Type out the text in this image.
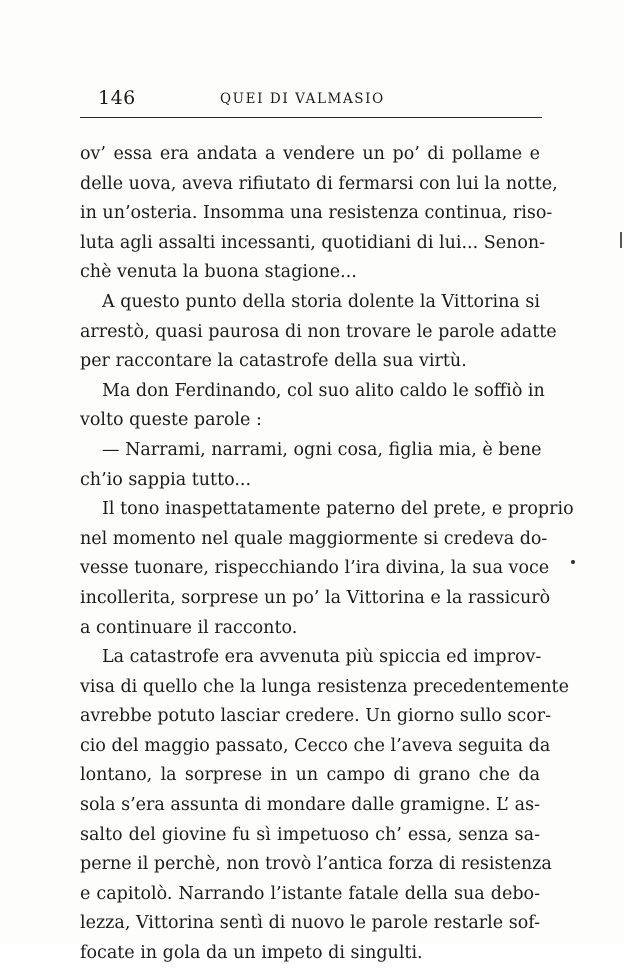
146	QUEI DI VALMASIO
ov’ essa era andata a vendere un po’ di pollame e
delle uova, aveva rifiutato di fermarsi con lui la notte,
in un’osteria. Insomma una resistenza continua, riso-
luta agli assalti incessanti, quotidiani di lui... Senon-
chè venuta la buona stagione...
A questo punto della storia dolente la Vittorina si
arrestò, quasi paurosa di non trovare le parole adatte
per raccontare la catastrofe della sua virtù.
Ma don Ferdinando, col suo alito caldo le soffiò in
volto queste parole :
— Narrami, narrami, ogni cosa, figlia mia, è bene
ch’io sappia tutto...
Il tono inaspettatamente paterno del prete, e proprio
nel momento nel quale maggiormente si credeva do-
vesse tuonare, rispecchiando l’ira divina, la sua voce
incollerita, sorprese un po’ la Vittorina e la rassicurò
a continuare il racconto.
La catastrofe era avvenuta più spiccia ed improv-
visa di quello che la lunga resistenza precedentemente
avrebbe potuto lasciar credere. Un giorno sullo scor-
cio del maggio passato, Cecco che l’aveva seguita da
lontano, la sorprese in un campo di grano che da
sola s’era assunta di mondare dalle gramigne. L’ as-
salto del giovine fu sì impetuoso ch’ essa, senza sa-
perne il perchè, non trovò l’antica forza di resistenza
e capitolò. Narrando l’istante fatale della sua debo-
lezza, Vittorina sentì di nuovo le parole restarle sof-
focate in gola da un impeto di singulti.
